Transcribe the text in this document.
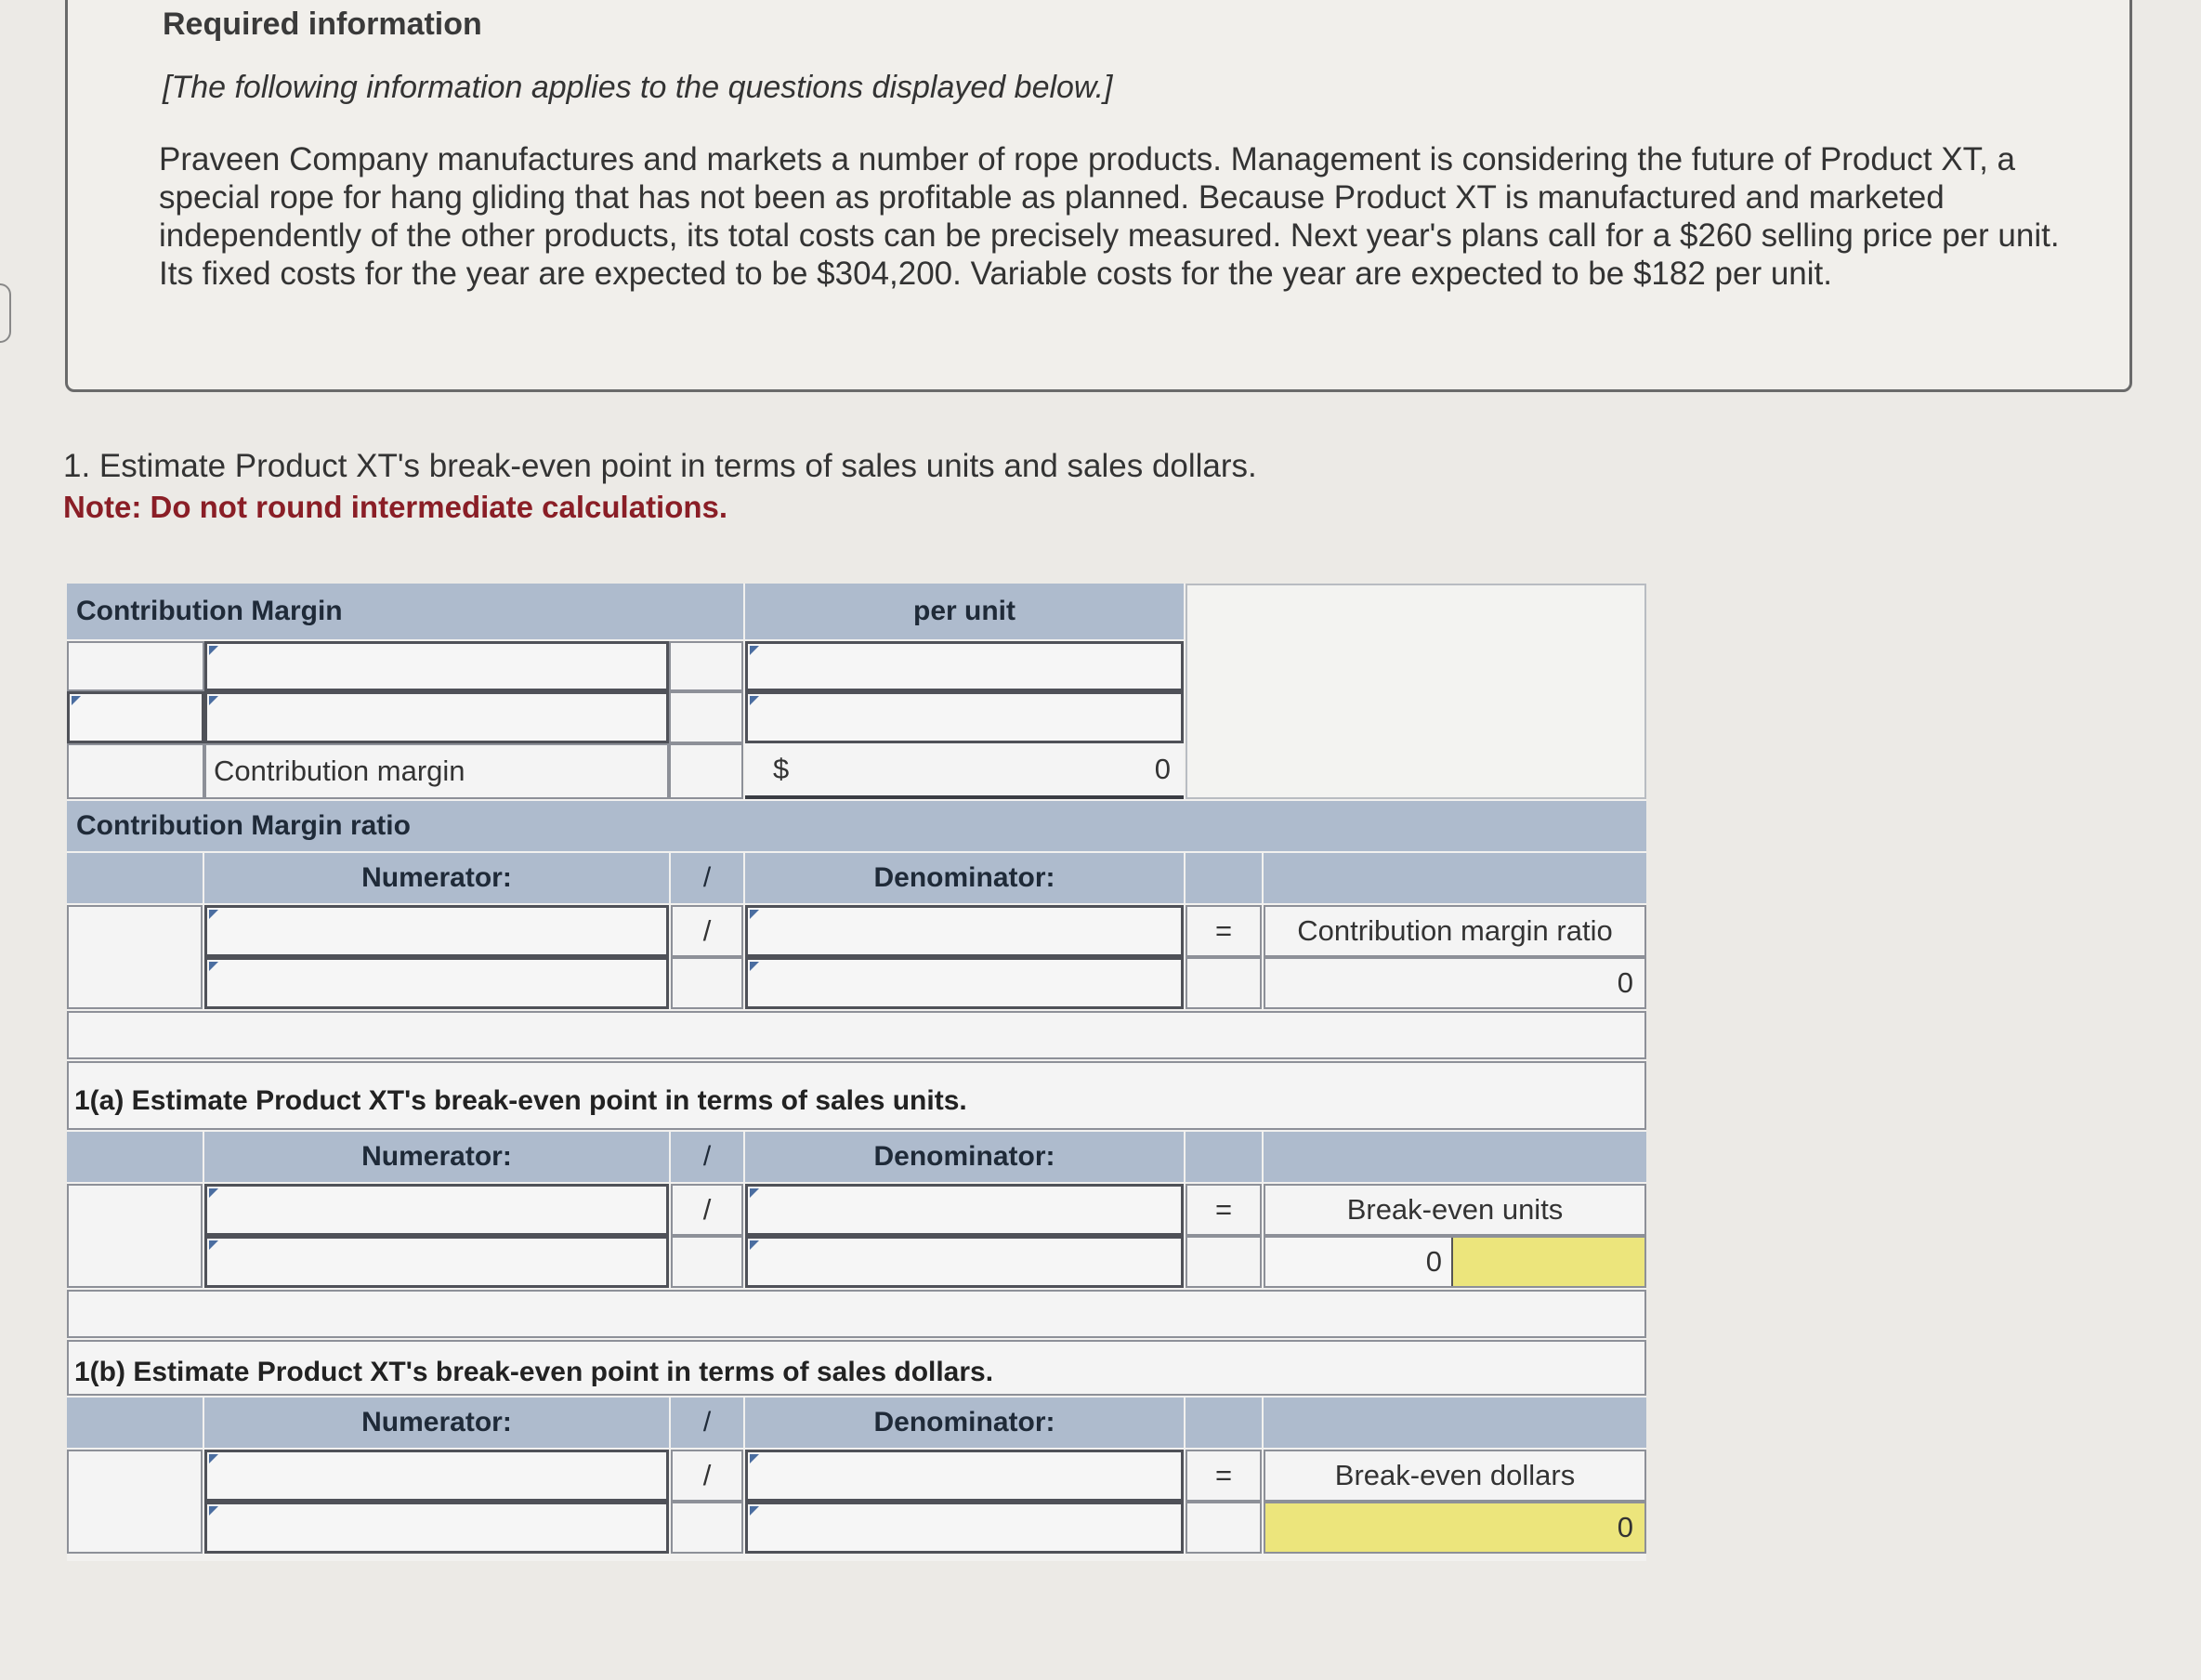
Required information
[The following information applies to the questions displayed below.]
Praveen Company manufactures and markets a number of rope products. Management is considering the future of Product XT, a special rope for hang gliding that has not been as profitable as planned. Because Product XT is manufactured and marketed independently of the other products, its total costs can be precisely measured. Next year's plans call for a $260 selling price per unit. Its fixed costs for the year are expected to be $304,200. Variable costs for the year are expected to be $182 per unit.
1. Estimate Product XT's break-even point in terms of sales units and sales dollars.
Note: Do not round intermediate calculations.
Contribution Margin	per unit
Contribution margin	$	0
Contribution Margin ratio
Numerator:	/	Denominator:
/	=	Contribution margin ratio
0
1(a) Estimate Product XT's break-even point in terms of sales units.
Numerator:	/	Denominator:
/	=	Break-even units
0
1(b) Estimate Product XT's break-even point in terms of sales dollars.
Numerator:	/	Denominator:
/	=	Break-even dollars
0
